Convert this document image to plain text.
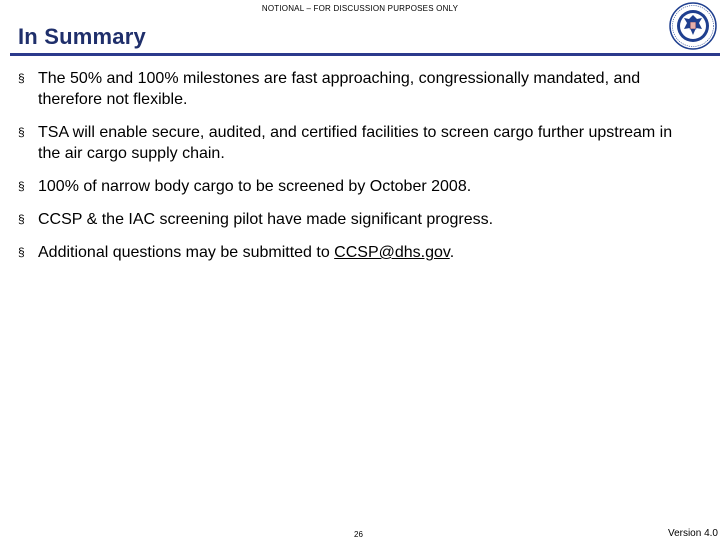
NOTIONAL – FOR DISCUSSION PURPOSES ONLY
In Summary
§ The 50% and 100% milestones are fast approaching, congressionally mandated, and therefore not flexible.
§ TSA will enable secure, audited, and certified facilities to screen cargo further upstream in the air cargo supply chain.
§ 100% of narrow body cargo to be screened by October 2008.
§ CCSP & the IAC screening pilot have made significant progress.
§ Additional questions may be submitted to CCSP@dhs.gov.
26	Version 4.0
